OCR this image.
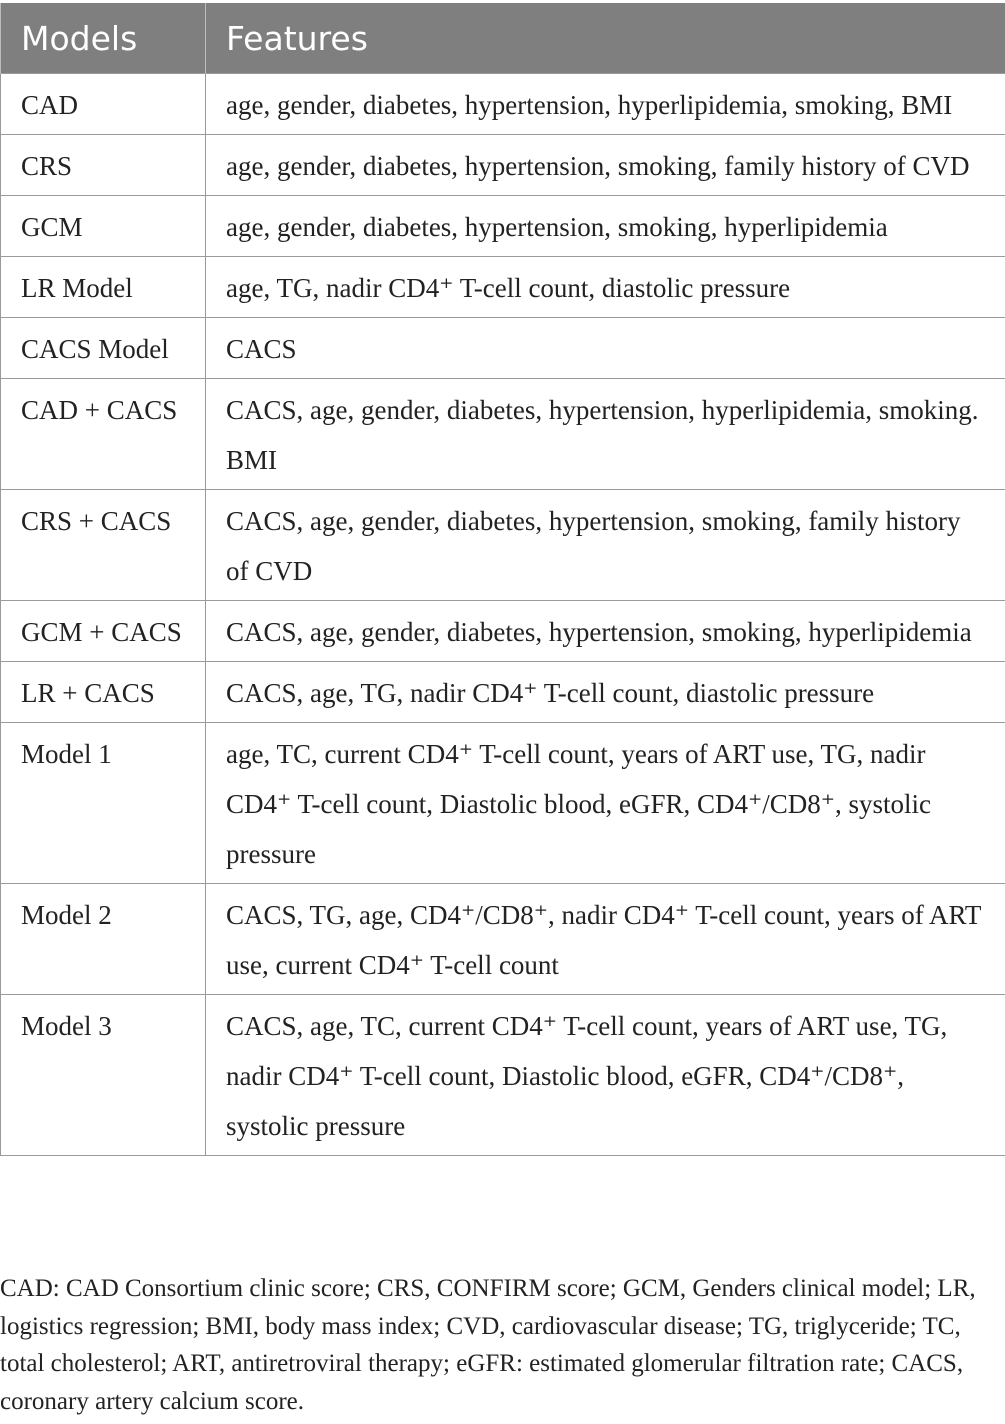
Models	Features
CAD	age, gender, diabetes, hypertension, hyperlipidemia, smoking, BMI
CRS	age, gender, diabetes, hypertension, smoking, family history of CVD
GCM	age, gender, diabetes, hypertension, smoking, hyperlipidemia
LR Model	age, TG, nadir CD4⁺ T-cell count, diastolic pressure
CACS Model	CACS
CAD + CACS	CACS, age, gender, diabetes, hypertension, hyperlipidemia, smoking. BMI
CRS + CACS	CACS, age, gender, diabetes, hypertension, smoking, family history of CVD
GCM + CACS	CACS, age, gender, diabetes, hypertension, smoking, hyperlipidemia
LR + CACS	CACS, age, TG, nadir CD4⁺ T-cell count, diastolic pressure
Model 1	age, TC, current CD4⁺ T-cell count, years of ART use, TG, nadir CD4⁺ T-cell count, Diastolic blood, eGFR, CD4⁺/CD8⁺, systolic pressure
Model 2	CACS, TG, age, CD4⁺/CD8⁺, nadir CD4⁺ T-cell count, years of ART use, current CD4⁺ T-cell count
Model 3	CACS, age, TC, current CD4⁺ T-cell count, years of ART use, TG, nadir CD4⁺ T-cell count, Diastolic blood, eGFR, CD4⁺/CD8⁺, systolic pressure

CAD: CAD Consortium clinic score; CRS, CONFIRM score; GCM, Genders clinical model; LR, logistics regression; BMI, body mass index; CVD, cardiovascular disease; TG, triglyceride; TC, total cholesterol; ART, antiretroviral therapy; eGFR: estimated glomerular filtration rate; CACS, coronary artery calcium score.
